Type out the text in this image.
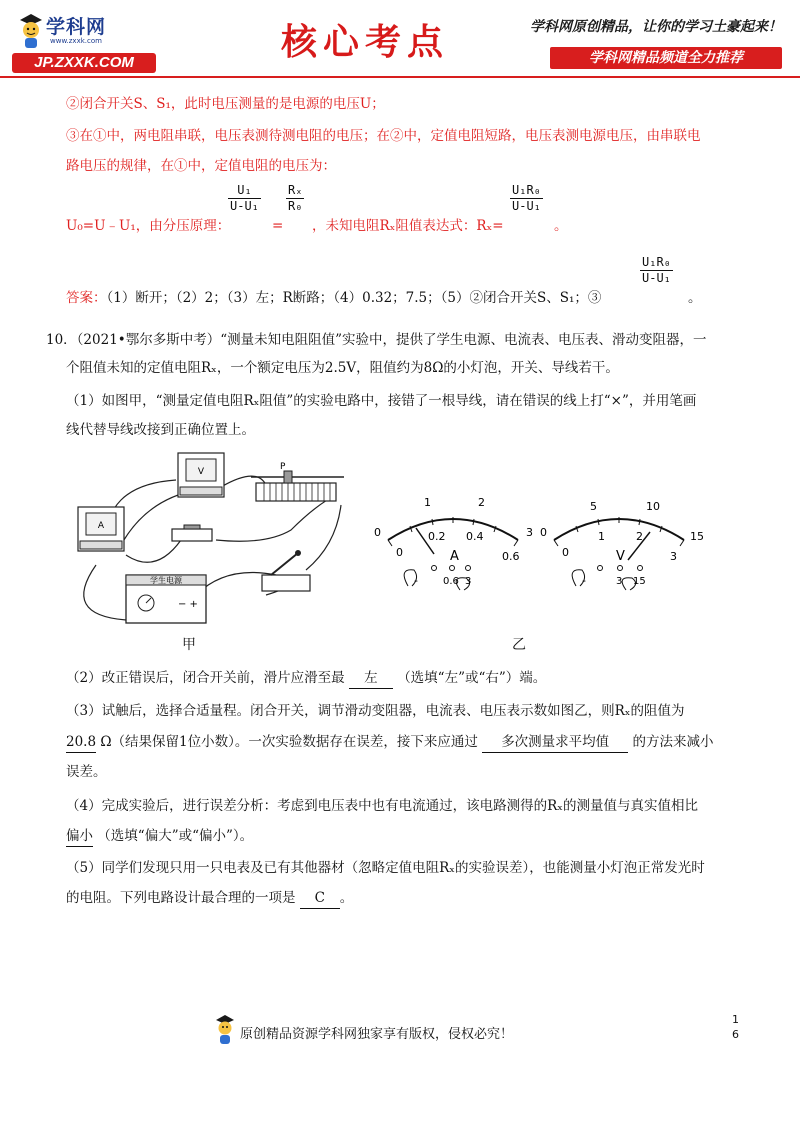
学科网
www.zxxk.com
JP.ZXXK.COM	核心考点	学科网原创精品，让你的学习土豪起来！
学科网精品频道全力推荐
②闭合开关S、S₁，此时电压测量的是电源的电压U；
③在①中，两电阻串联，电压表测待测电阻的电压；在②中，定值电阻短路，电压表测电源电压，由串联电
路电压的规律，在①中，定值电阻的电压为：
U₀=U﹣U₁，由分压原理：
$\frac{\text{U₁}}{\text{U-U₁}}$
=
$\frac{\text{Rₓ}}{\text{R₀}}$
，未知电阻Rₓ阻值表达式：Rₓ=
$\frac{\text{U₁R₀}}{\text{U-U₁}}$
。
答案：（1）断开；（2）2；（3）左；R断路；（4）0.32；7.5；（5）②闭合开关S、S₁；③
$\frac{\text{U₁R₀}}{\text{U-U₁}}$
。
10．（2021•鄂尔多斯中考）“测量未知电阻阻值”实验中，提供了学生电源、电流表、电压表、滑动变阻器，一
个阻值未知的定值电阻Rₓ，一个额定电压为2.5V，阻值约为8Ω的小灯泡，开关、导线若干。
（1）如图甲，“测量定值电阻Rₓ阻值”的实验电路中，接错了一根导线，请在错误的线上打“×”，并用笔画
线代替导线改接到正确位置上。
A
V	P
学生电源
− +
甲
0
1	2
3
0
0.2 0.4
0.6
A
-	0.6 3
0
5	10
15
0
1	2
3
V
-	3 15
乙
（2）改正错误后，闭合开关前，滑片应滑至最 左 （选填“左”或“右”）端。
（3）试触后，选择合适量程。闭合开关，调节滑动变阻器，电流表、电压表示数如图乙，则Rₓ的阻值为
20.8 Ω（结果保留1位小数）。一次实验数据存在误差，接下来应通过 多次测量求平均值 的方法来减小
误差。
（4）完成实验后，进行误差分析：考虑到电压表中也有电流通过，该电路测得的Rₓ的测量值与真实值相比
偏小 （选填“偏大”或“偏小”）。
（5）同学们发现只用一只电表及已有其他器材（忽略定值电阻Rₓ的实验误差），也能测量小灯泡正常发光时
的电阻。下列电路设计最合理的一项是 C 。
原创精品资源学科网独家享有版权，侵权必究！
1
6
